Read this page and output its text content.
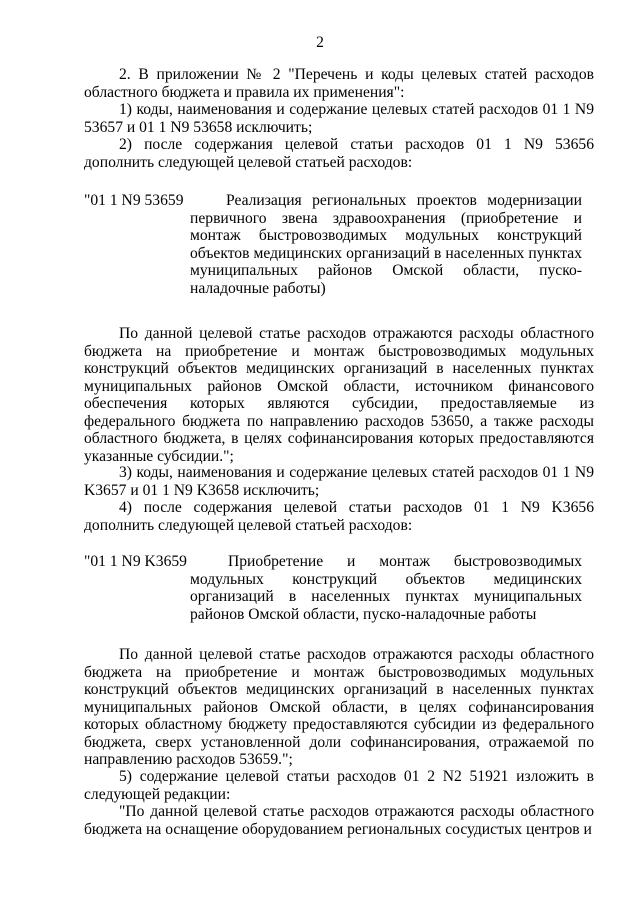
2

2. В приложении № 2 "Перечень и коды целевых статей расходов областного бюджета и правила их применения":

1) коды, наименования и содержание целевых статей расходов 01 1 N9 53657 и 01 1 N9 53658 исключить;

2) после содержания целевой статьи расходов 01 1 N9 53656 дополнить следующей целевой статьей расходов:

"01 1 N9 53659	Реализация региональных проектов модернизации первичного звена здравоохранения (приобретение и монтаж быстровозводимых модульных конструкций объектов медицинских организаций в населенных пунктах муниципальных районов Омской области, пуско-наладочные работы)

По данной целевой статье расходов отражаются расходы областного бюджета на приобретение и монтаж быстровозводимых модульных конструкций объектов медицинских организаций в населенных пунктах муниципальных районов Омской области, источником финансового обеспечения которых являются субсидии, предоставляемые из федерального бюджета по направлению расходов 53650, а также расходы областного бюджета, в целях софинансирования которых предоставляются указанные субсидии.";

3) коды, наименования и содержание целевых статей расходов 01 1 N9 K3657 и 01 1 N9 K3658 исключить;

4) после содержания целевой статьи расходов 01 1 N9 K3656 дополнить следующей целевой статьей расходов:

"01 1 N9 K3659	Приобретение и монтаж быстровозводимых модульных конструкций объектов медицинских организаций в населенных пунктах муниципальных районов Омской области, пуско-наладочные работы

По данной целевой статье расходов отражаются расходы областного бюджета на приобретение и монтаж быстровозводимых модульных конструкций объектов медицинских организаций в населенных пунктах муниципальных районов Омской области, в целях софинансирования которых областному бюджету предоставляются субсидии из федерального бюджета, сверх установленной доли софинансирования, отражаемой по направлению расходов 53659.";

5) содержание целевой статьи расходов 01 2 N2 51921 изложить в следующей редакции:

"По данной целевой статье расходов отражаются расходы областного бюджета на оснащение оборудованием региональных сосудистых центров и
